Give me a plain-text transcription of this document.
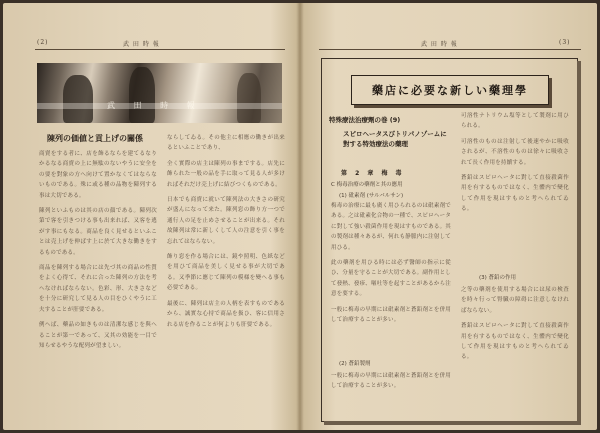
(2)	武 田 時 報
武 田 時 報
陳列の価値と貢上げの關係

商賣をする者に、店を飾るならを建てるなりかるなる商賣の上に無駄のないやうに安全をの要を對象の方へ向けて置かなくてはならないものである。殊に或る種の品物を陳列する事は大切である。

陳列といふものは其の店の顔である。陳列次第で客を引きつける事も出来れば、又客を逃がす事にもなる。商品を良く見せるといふことは売上げを伸ばす上に於て大きな働きをするものである。

商品を陳列する場合には先づ其の商品の性質をよく心得て、それに合った陳列の方法を考へなければならない。色彩、形、大きさなどを十分に研究して見る人の目をひくやうに工夫することが肝要である。

例へば、藥品の如きものは清潔な感じを與へることが第一であって、又其の効能を一目で知らせるやうな配列が望ましい。

ならしてゐる。その他主に相應の働きが出来るといふことであり、

全く實際の店主は陳列の事までする。店先に飾られた一般の品を手に取って見る人が多ければそれだけ売上げに結びつくものである。

日本でも商賣に就いて陳列法の大きさの研究が盛んになって来た。陳列窓の飾り方一つで通行人の足を止めさせることが出来る。それ故陳列は常に新しくして人の注意を引く事を忘れてはならない。

飾り窓を作る場合には、鏡や照明、色紙などを用ひて商品を美しく見せる事が大切である。又季節に應じて陳列の模様を變へる事も必要である。

最後に、陳列は店主の人柄を表すものであるから、誠實な心持で商品を扱ひ、客に信用される店を作ることが何よりも肝要である。

武 田 時 報	(3)
藥店に必要な新しい藥理學
特殊療法治療劑の巻 (9)
スピロヘータスびトリパノゾームに對する特効療法の藥理
第 2 章 梅 毒
C 梅毒治療の藥劑と其の應用
(1) 砒素剤 (サルバルサン)
(2) 蒼鉛製劑
(3) 蒼鉛の作用

梅毒の治療に最も廣く用ひられるのは砒素剤である。之は砒素化合物の一種で、スピロヘータに對して強い殺菌作用を現はすものである。其の製剤は種々あるが、何れも静脈内に注射して用ひる。

此の藥剤を用ひる時には必ず醫師の指示に從ひ、分量を守ることが大切である。副作用として發熱、發疹、嘔吐等を起すことがあるから注意を要する。

一般に梅毒の早期には砒素剤と蒼鉛剤とを併用して治療することが多い。

一般に梅毒の早期には砒素剤と蒼鉛剤とを併用して治療することが多い。

可溶性ナトリウム塩等として製剤に用ひられる。

可溶性のものは注射して後速やかに吸收されるが、不溶性のものは徐々に吸收されて長く作用を持續する。

蒼鉛はスピロヘータに對して直接殺菌作用を有するものではなく、生體内で變化して作用を現はすものと考へられてゐる。

之等の藥剤を使用する場合には尿の検査を時々行って腎臓の障碍に注意しなければならない。

蒼鉛はスピロヘータに對して直接殺菌作用を有するものではなく、生體内で變化して作用を現はすものと考へられてゐる。
